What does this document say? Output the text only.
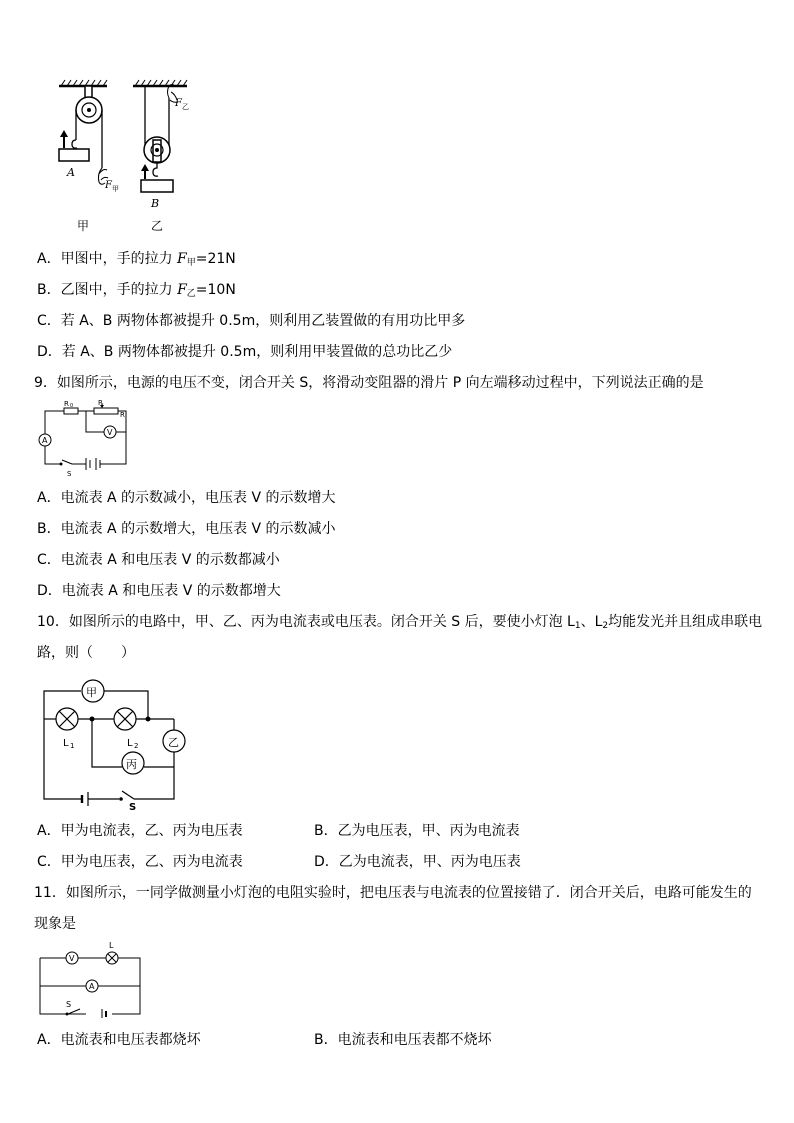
A
F 甲
甲
B
F 乙
乙
A．甲图中，手的拉力 $F_甲=21N$
B．乙图中，手的拉力 $F_乙=10N$
C．若 A、B 两物体都被提升 0.5m，则利用乙装置做的有用功比甲多
D．若 A、B 两物体都被提升 0.5m，则利用甲装置做的总功比乙少
9．如图所示，电源的电压不变，闭合开关 S，将滑动变阻器的滑片 P 向左端移动过程中，下列说法正确的是
A
P
R
R 0
V
S
A．电流表 A 的示数减小，电压表 V 的示数增大
B．电流表 A 的示数增大，电压表 V 的示数减小
C．电流表 A 和电压表 V 的示数都减小
D．电流表 A 和电压表 V 的示数都增大
10．如图所示的电路中，甲、乙、丙为电流表或电压表。闭合开关 S 后，要使小灯泡 $L_1$、$L_2$均能发光并且组成串联电
路，则（　　）
甲
L 1	L 2	乙
丙
S
A．甲为电流表，乙、丙为电压表	B．乙为电压表，甲、丙为电流表
C．甲为电压表，乙、丙为电流表	D．乙为电流表，甲、丙为电压表
11．如图所示，一同学做测量小灯泡的电阻实验时，把电压表与电流表的位置接错了．闭合开关后，电路可能发生的
现象是
V
L
A
S
A．电流表和电压表都烧坏	B．电流表和电压表都不烧坏
